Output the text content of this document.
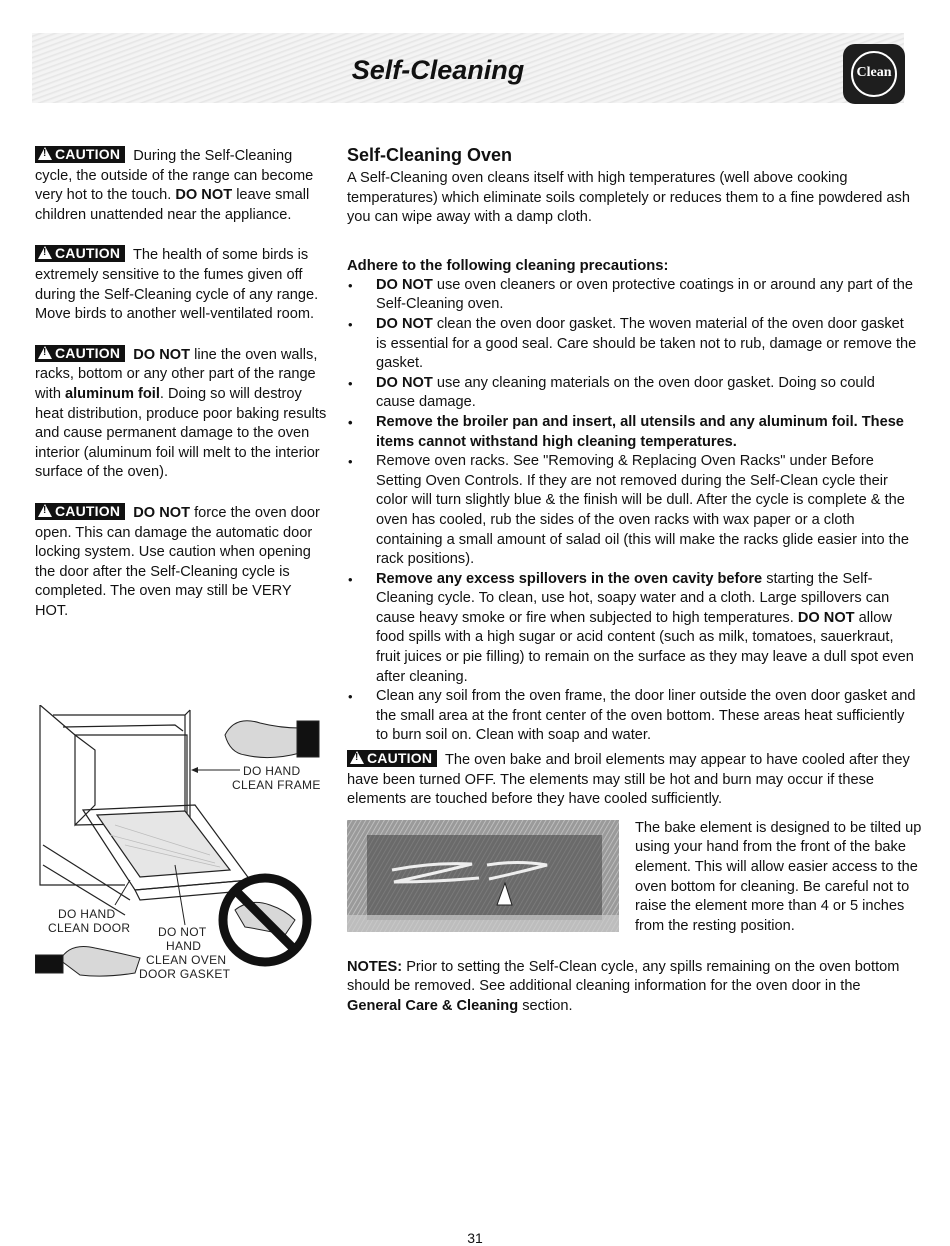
Self-Cleaning	Clean

! CAUTION During the Self-Cleaning cycle, the outside of the range can become very hot to the touch. DO NOT leave small children unattended near the appliance.

! CAUTION The health of some birds is extremely sensitive to the fumes given off during the Self-Cleaning cycle of any range. Move birds to another well-ventilated room.

! CAUTION DO NOT line the oven walls, racks, bottom or any other part of the range with aluminum foil. Doing so will destroy heat distribution, produce poor baking results and cause permanent damage to the oven interior (aluminum foil will melt to the interior surface of the oven).

! CAUTION DO NOT force the oven door open. This can damage the automatic door locking system. Use caution when opening the door after the Self-Cleaning cycle is completed. The oven may still be VERY HOT.

DO HAND
CLEAN FRAME
DO HAND
CLEAN DOOR DO NOT
HAND
CLEAN OVEN
DOOR GASKET
Self-Cleaning Oven

A Self-Cleaning oven cleans itself with high temperatures (well above cooking temperatures) which eliminate soils completely or reduces them to a fine powdered ash you can wipe away with a damp cloth.

Adhere to the following cleaning precautions:
• DO NOT use oven cleaners or oven protective coatings in or around any part of the Self-Cleaning oven.
• DO NOT clean the oven door gasket. The woven material of the oven door gasket is essential for a good seal. Care should be taken not to rub, damage or remove the gasket.
• DO NOT use any cleaning materials on the oven door gasket. Doing so could cause damage.
• Remove the broiler pan and insert, all utensils and any aluminum foil. These items cannot withstand high cleaning temperatures.
• Remove oven racks. See "Removing & Replacing Oven Racks" under Before Setting Oven Controls. If they are not removed during the Self-Clean cycle their color will turn slightly blue & the finish will be dull. After the cycle is complete & the oven has cooled, rub the sides of the oven racks with wax paper or a cloth containing a small amount of salad oil (this will make the racks glide easier into the rack positions).
• Remove any excess spillovers in the oven cavity before starting the Self-Cleaning cycle. To clean, use hot, soapy water and a cloth. Large spillovers can cause heavy smoke or fire when subjected to high temperatures. DO NOT allow food spills with a high sugar or acid content (such as milk, tomatoes, sauerkraut, fruit juices or pie filling) to remain on the surface as they may leave a dull spot even after cleaning.
• Clean any soil from the oven frame, the door liner outside the oven door gasket and the small area at the front center of the oven bottom. These areas heat sufficiently to burn soil on. Clean with soap and water.

! CAUTION The oven bake and broil elements may appear to have cooled after they have been turned OFF. The elements may still be hot and burn may occur if these elements are touched before they have cooled sufficiently.

The bake element is designed to be tilted up using your hand from the front of the bake element. This will allow easier access to the oven bottom for cleaning. Be careful not to raise the element more than 4 or 5 inches from the resting position.

NOTES: Prior to setting the Self-Clean cycle, any spills remaining on the oven bottom should be removed. See additional cleaning information for the oven door in the General Care & Cleaning section.

31
